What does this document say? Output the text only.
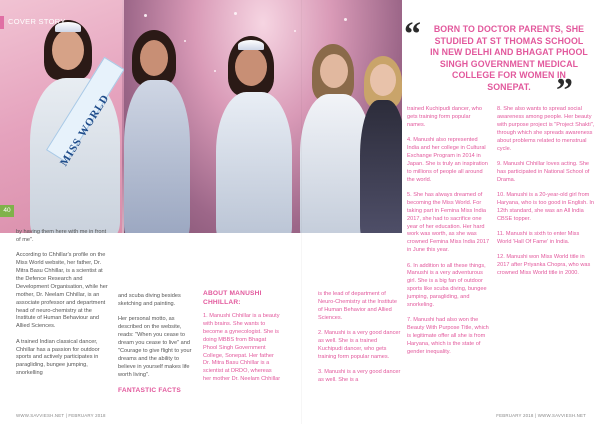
MISS WORLD
COVER STORY
40
“	BORN TO DOCTOR PARENTS, SHE STUDIED AT ST THOMAS SCHOOL IN NEW DELHI AND BHAGAT PHOOL SINGH GOVERNMENT MEDICAL COLLEGE FOR WOMEN IN SONEPAT. ”

by having them here with me in front of me".

According to Chhillar's profile on the Miss World website, her father, Dr. Mitra Basu Chhillar, is a scientist at the Defence Research and Development Organisation, while her mother, Dr. Neelam Chhillar, is an associate professor and department head of neuro-chemistry at the Institute of Human Behaviour and Allied Sciences.

A trained Indian classical dancer, Chhillar has a passion for outdoor sports and actively participates in paragliding, bungee jumping, snorkelling

and scuba diving besides sketching and painting.

Her personal motto, as described on the website, reads: "When you cease to dream you cease to live" and "Courage to give flight to your dreams and the ability to believe in yourself makes life worth living".

FANTASTIC FACTS
ABOUT MANUSHI CHHILLAR:

1. Manushi Chhillar is a beauty with brains. She wants to become a gynecologist. She is doing MBBS from Bhagat Phool Singh Government College, Sonepat. Her father Dr. Mitra Basu Chhillar is a scientist at DRDO, whereas her mother Dr. Neelam Chhillar

is the lead of department of Neuro-Chemistry at the Institute of Human Behavior and Allied Sciences.

2. Manushi is a very good dancer as well. She is a trained Kuchipudi dancer, who gets training form popular names.

3. Manushi is a very good dancer as well. She is a

trained Kuchipudi dancer, who gets training form popular names.

4. Manushi also represented India and her college in Cultural Exchange Program in 2014 in Japan. She is truly an inspiration to millions of people all around the world.

5. She has always dreamed of becoming the Miss World. For taking part in Femina Miss India 2017, she had to sacrifice one year of her education. Her hard work was worth, as she was crowned Femina Miss India 2017 in June this year.

6. In addition to all these things, Manushi is a very adventurous girl. She is a big fan of outdoor sports like scuba diving, bungee jumping, paragliding, and snorkeling.

7. Manushi had also won the Beauty With Purpose Title, which is legitimate offer all she is from Haryana, which is the state of gender inequality.

8. She also wants to spread social awareness among people. Her beauty with purpose project is "Project Shakti", through which she spreads awareness about problems related to menstrual cycle.

9. Manushi Chhillar loves acting. She has participated in National School of Drama.

10. Manushi is a 20-year-old girl from Haryana, who is too good in English. In 12th standard, she was an All India CBSE topper.

11. Manushi is sixth to enter Miss World 'Hall Of Fame' in India.

12. Manushi won Miss World title in 2017 after Priyanka Chopra, who was crowned Miss World title in 2000.

WWW.SAVVIESH.NET | FEBRUARY 2018	FEBRUARY 2018 | WWW.SAVVIESH.NET
